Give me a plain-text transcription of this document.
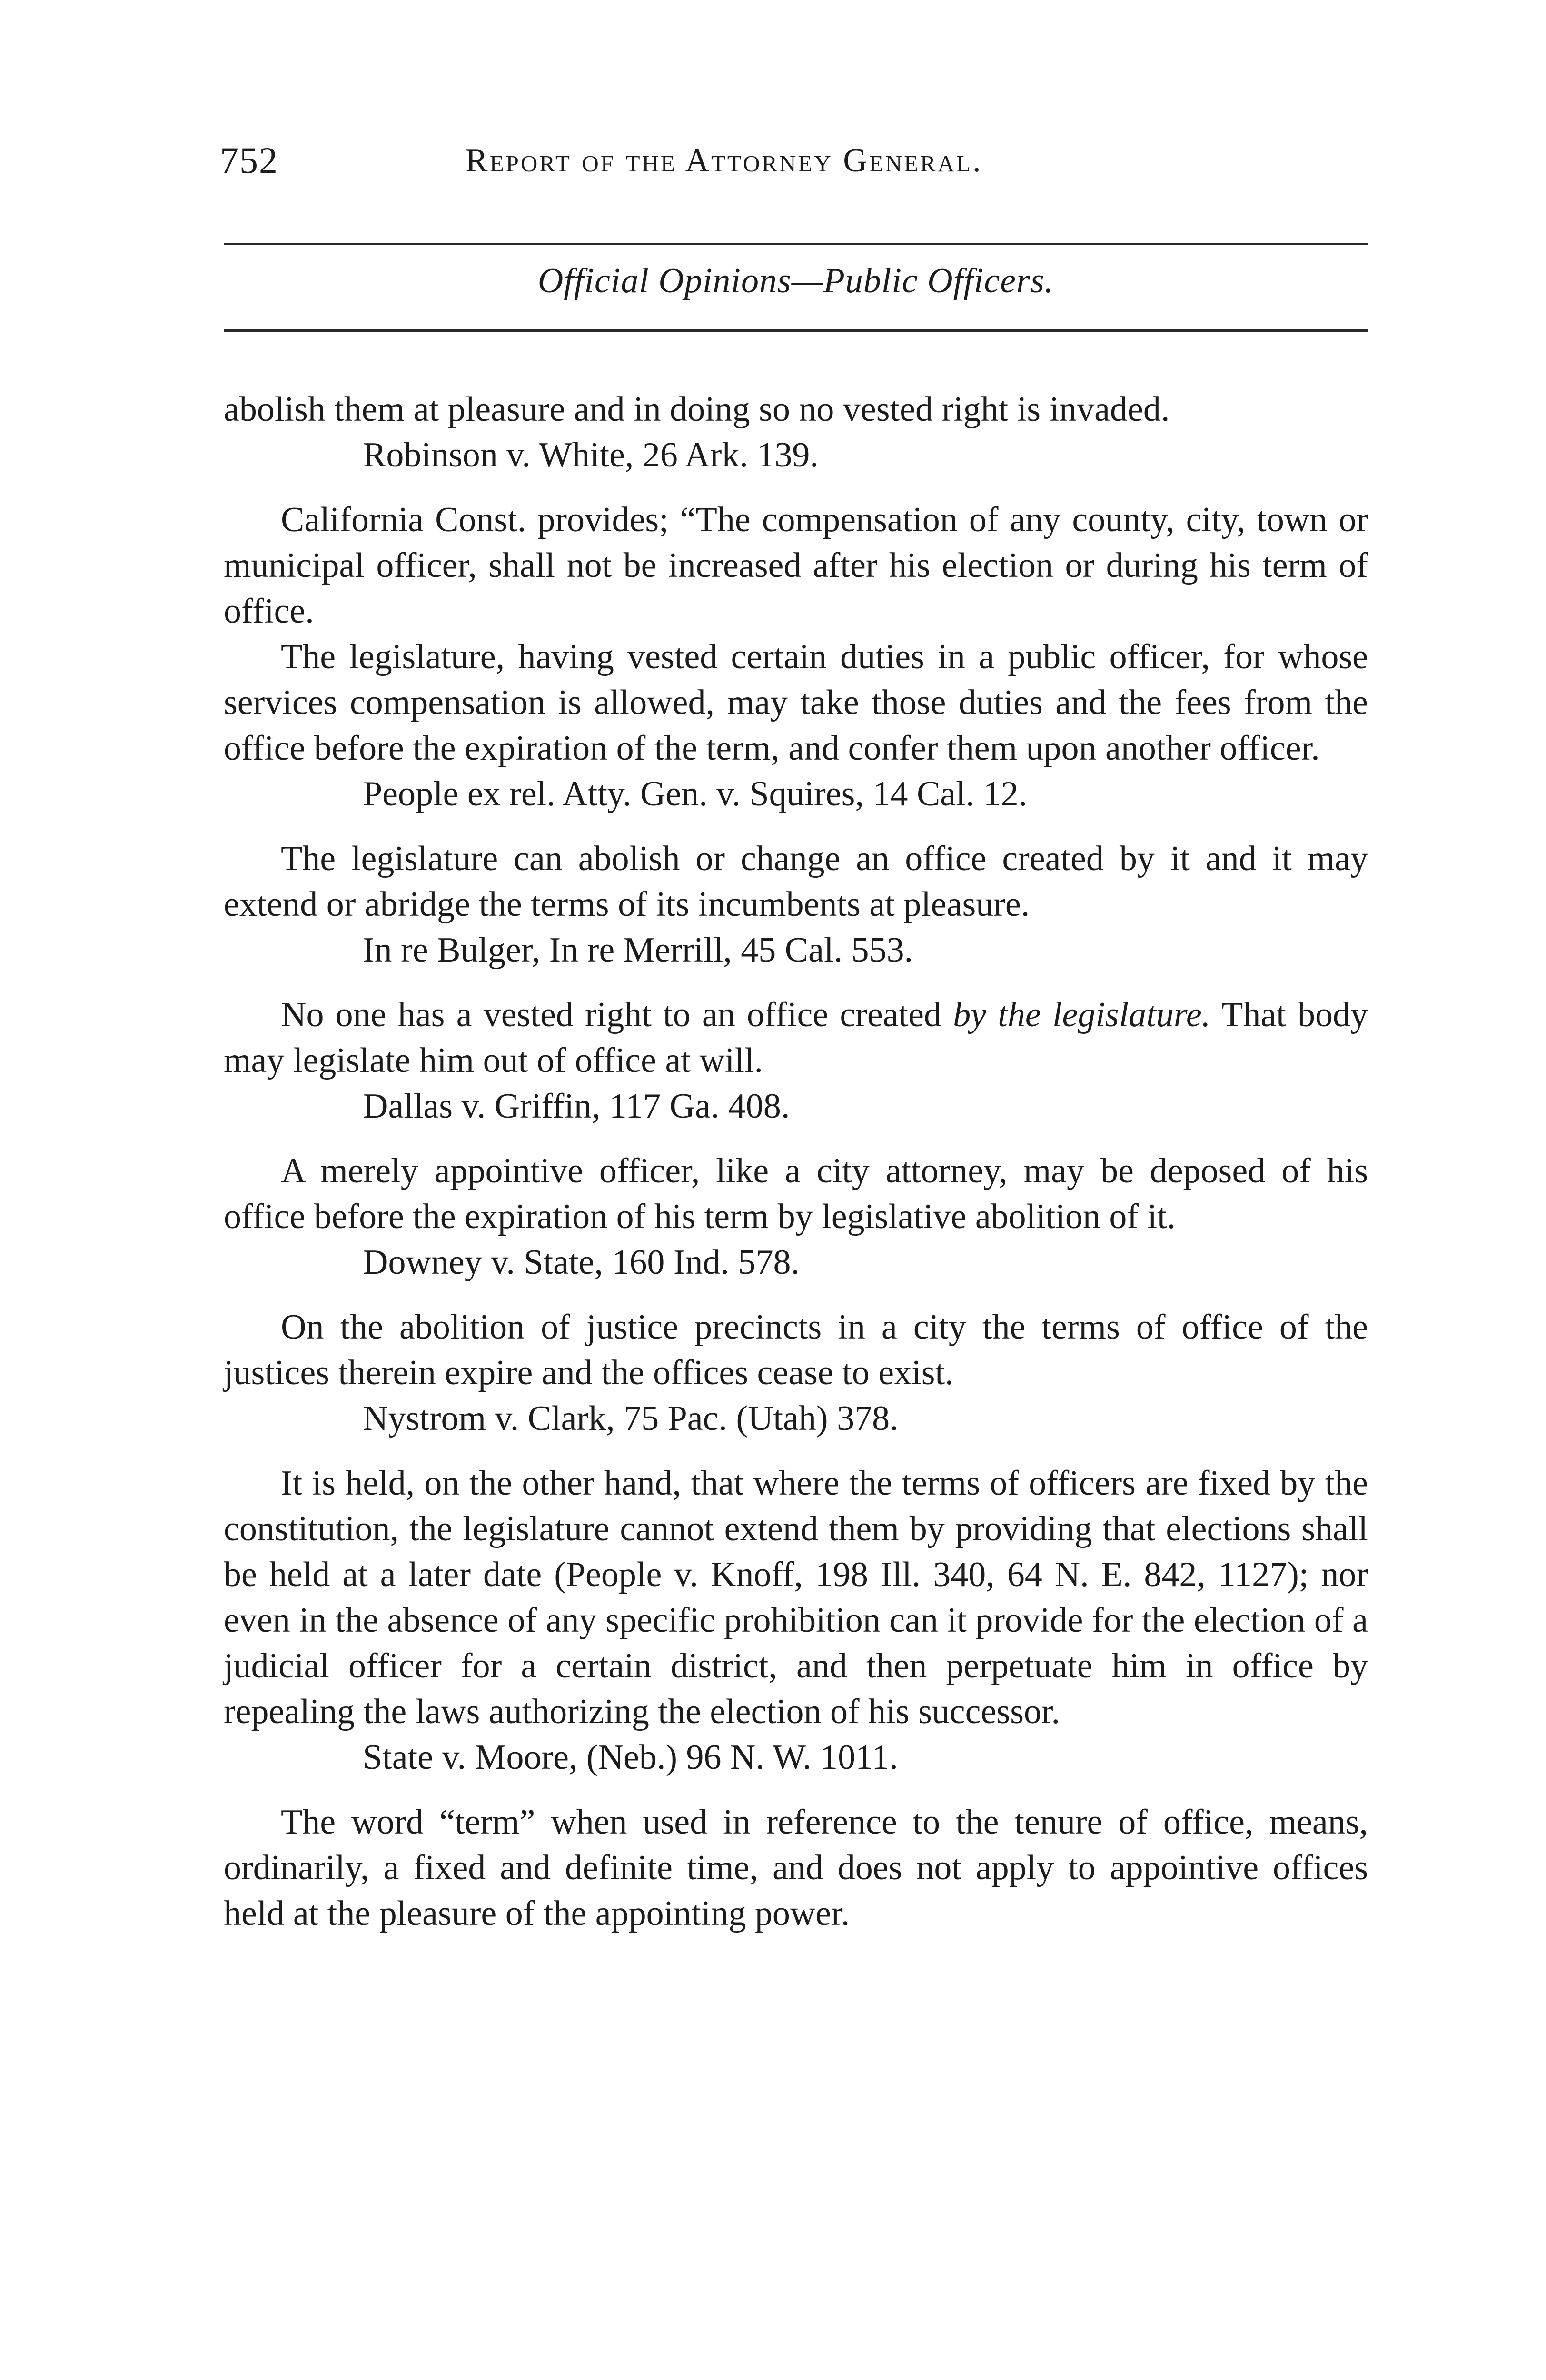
752	Report of the Attorney General.
Official Opinions—Public Officers.

abolish them at pleasure and in doing so no vested right is invaded.

Robinson v. White, 26 Ark. 139.

California Const. provides; “The compensation of any county, city, town or municipal officer, shall not be increased after his election or during his term of office.

The legislature, having vested certain duties in a public officer, for whose services compensation is allowed, may take those duties and the fees from the office before the expiration of the term, and confer them upon another officer.

People ex rel. Atty. Gen. v. Squires, 14 Cal. 12.

The legislature can abolish or change an office created by it and it may extend or abridge the terms of its incumbents at pleasure.

In re Bulger, In re Merrill, 45 Cal. 553.

No one has a vested right to an office created by the legislature. That body may legislate him out of office at will.

Dallas v. Griffin, 117 Ga. 408.

A merely appointive officer, like a city attorney, may be deposed of his office before the expiration of his term by legislative abolition of it.

Downey v. State, 160 Ind. 578.

On the abolition of justice precincts in a city the terms of office of the justices therein expire and the offices cease to exist.

Nystrom v. Clark, 75 Pac. (Utah) 378.

It is held, on the other hand, that where the terms of officers are fixed by the constitution, the legislature cannot extend them by providing that elections shall be held at a later date (People v. Knoff, 198 Ill. 340, 64 N. E. 842, 1127); nor even in the absence of any specific prohibition can it provide for the election of a judicial officer for a certain district, and then perpetuate him in office by repealing the laws authorizing the election of his successor.

State v. Moore, (Neb.) 96 N. W. 1011.

The word “term” when used in reference to the tenure of office, means, ordinarily, a fixed and definite time, and does not apply to appointive offices held at the pleasure of the appointing power.
